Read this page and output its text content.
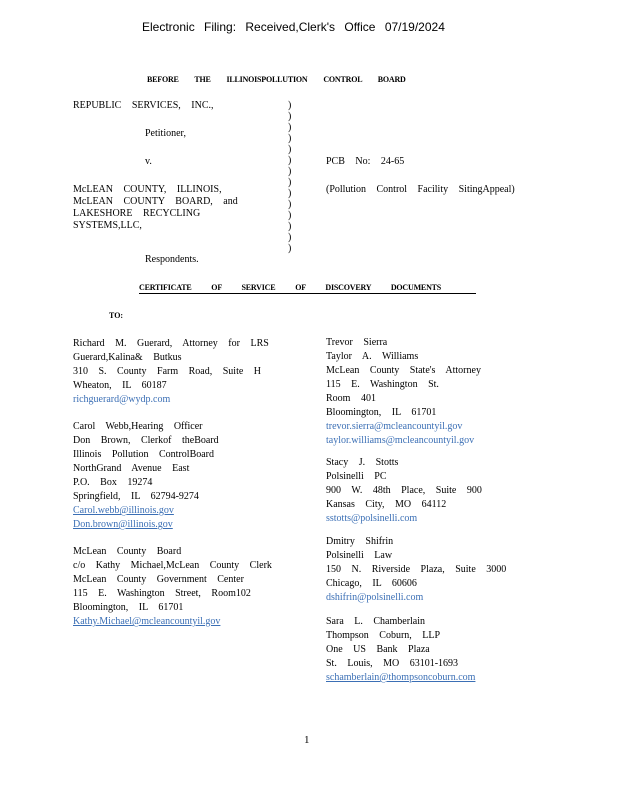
Electronic Filing: Received,Clerk's Office 07/19/2024
BEFORE THE ILLINOISPOLLUTION CONTROL BOARD
REPUBLIC SERVICES, INC.,
Petitioner,
v.	PCB No: 24-65
McLEAN COUNTY, ILLINOIS,
McLEAN COUNTY BOARD, and
LAKESHORE RECYCLING
SYSTEMS,LLC,
(Pollution Control Facility SitingAppeal)
Respondents.
)
)
)
)
)
)
)
)
)
)
)
)
)
)
CERTIFICATE OF SERVICE OF DISCOVERY DOCUMENTS
TO:
Richard M. Guerard, Attorney for LRS
Guerard,Kalina& Butkus
310 S. County Farm Road, Suite H
Wheaton, IL 60187
richguerard@wydp.com
Carol Webb,Hearing Officer
Don Brown, Clerkof theBoard
Illinois Pollution ControlBoard
NorthGrand Avenue East
P.O. Box 19274
Springfield, IL 62794-9274
Carol.webb@illinois.gov
Don.brown@illinois.gov
McLean County Board
c/o Kathy Michael,McLean County Clerk
McLean County Government Center
115 E. Washington Street, Room102
Bloomington, IL 61701
Kathy.Michael@mcleancountyil.gov
Trevor Sierra
Taylor A. Williams
McLean County State's Attorney
115 E. Washington St.
Room 401
Bloomington, IL 61701
trevor.sierra@mcleancountyil.gov
taylor.williams@mcleancountyil.gov
Stacy J. Stotts
Polsinelli PC
900 W. 48th Place, Suite 900
Kansas City, MO 64112
sstotts@polsinelli.com
Dmitry Shifrin
Polsinelli Law
150 N. Riverside Plaza, Suite 3000
Chicago, IL 60606
dshifrin@polsinelli.com
Sara L. Chamberlain
Thompson Coburn, LLP
One US Bank Plaza
St. Louis, MO 63101-1693
schamberlain@thompsoncoburn.com
1
